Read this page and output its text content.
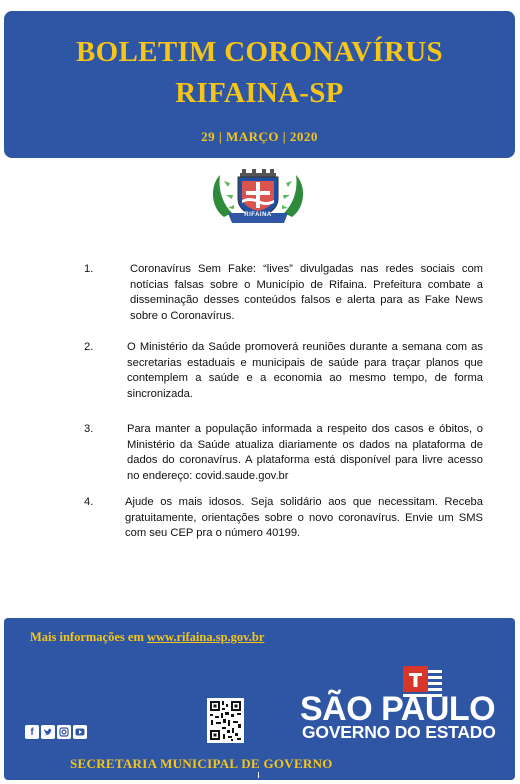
BOLETIM CORONAVÍRUS
RIFAINA-SP
29 | MARÇO | 2020
RIFAINA
1.	Coronavírus Sem Fake: “lives” divulgadas nas redes sociais com notícias falsas sobre o Município de Rifaina. Prefeitura combate a disseminação desses conteúdos falsos e alerta para as Fake News sobre o Coronavírus.
2.	O Ministério da Saúde promoverá reuniões durante a semana com as secretarias estaduais e municipais de saúde para traçar planos que contemplem a saúde e a economia ao mesmo tempo, de forma sincronizada.
3.	Para manter a população informada a respeito dos casos e óbitos, o Ministério da Saúde atualiza diariamente os dados na plataforma de dados do coronavírus. A plataforma está disponível para livre acesso no endereço: covid.saude.gov.br
4.	Ajude os mais idosos. Seja solidário aos que necessitam. Receba gratuitamente, orientações sobre o novo coronavírus. Envie um SMS com seu CEP pra o número 40199.
Mais informações em www.rifaina.sp.gov.br
f
SÃO PAULO
GOVERNO DO ESTADO
SECRETARIA MUNICIPAL DE GOVERNO
